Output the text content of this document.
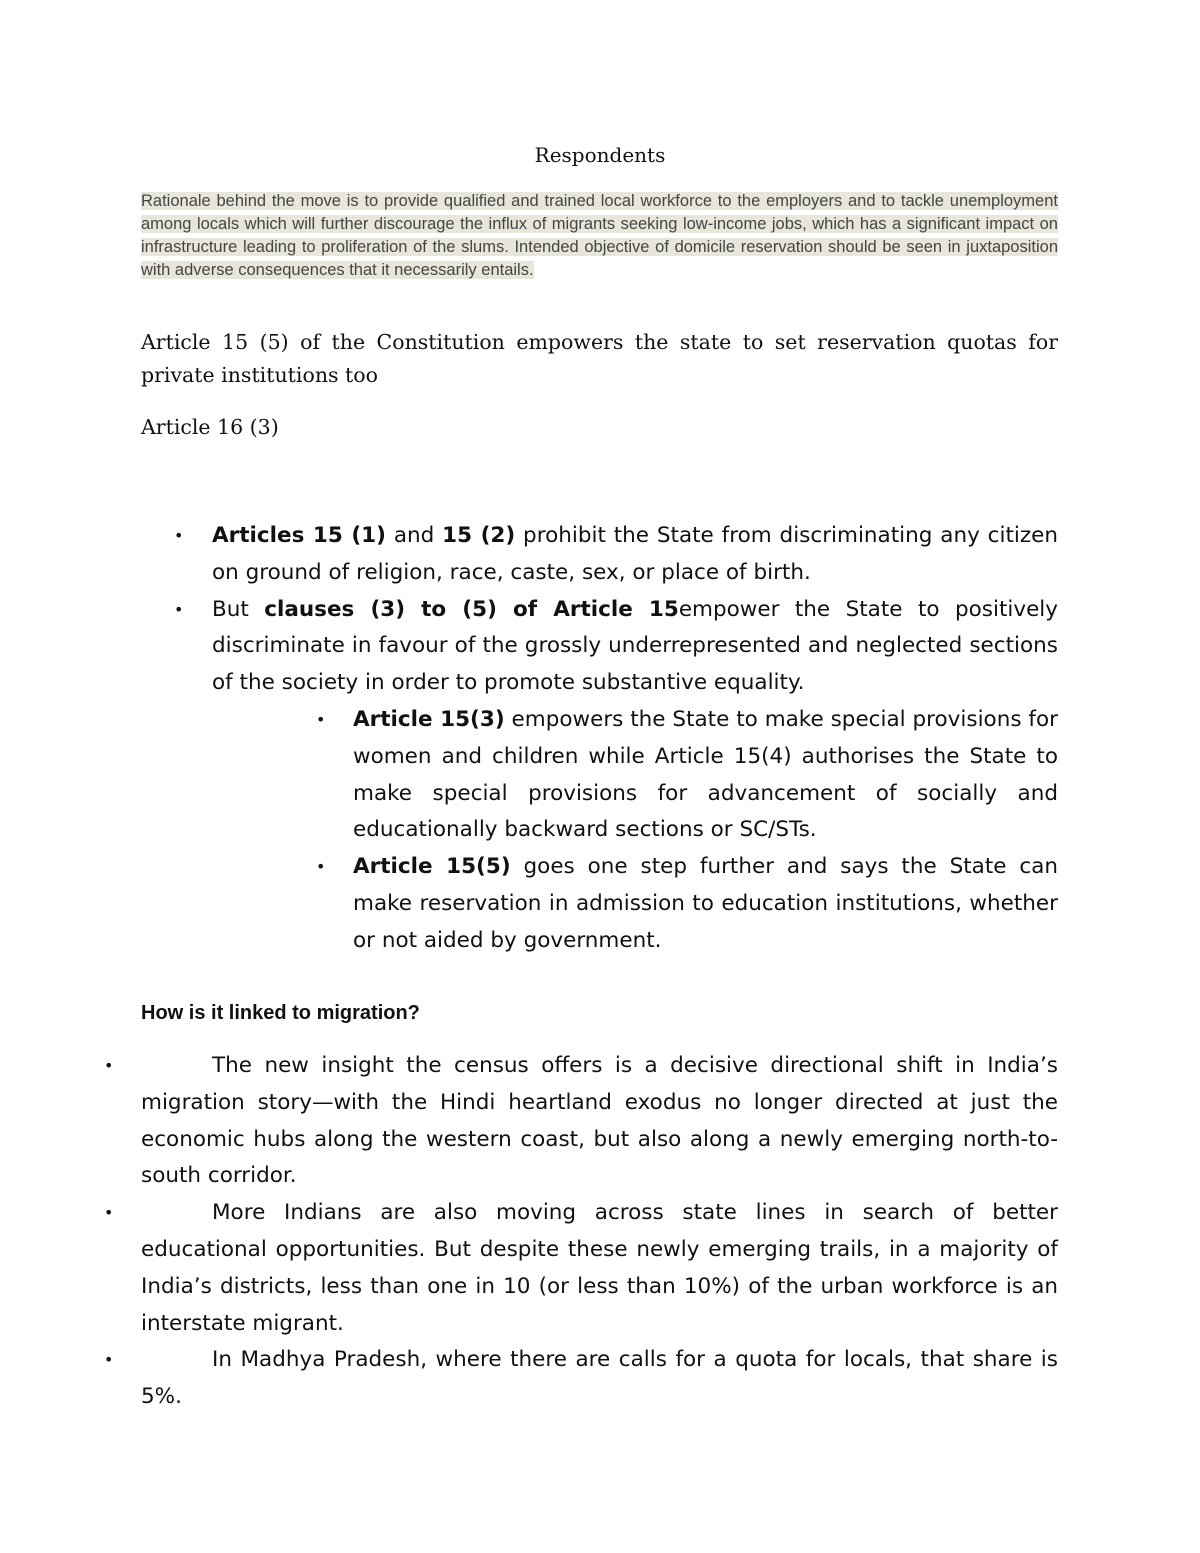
Respondents
Rationale behind the move is to provide qualified and trained local workforce to the employers and to tackle unemployment among locals which will further discourage the influx of migrants seeking low-income jobs, which has a significant impact on infrastructure leading to proliferation of the slums. Intended objective of domicile reservation should be seen in juxtaposition with adverse consequences that it necessarily entails.
Article 15 (5) of the Constitution empowers the state to set reservation quotas for private institutions too
Article 16 (3)
• Articles 15 (1) and 15 (2) prohibit the State from discriminating any citizen on ground of religion, race, caste, sex, or place of birth.
• But clauses (3) to (5) of Article 15empower the State to positively discriminate in favour of the grossly underrepresented and neglected sections of the society in order to promote substantive equality.
• Article 15(3) empowers the State to make special provisions for women and children while Article 15(4) authorises the State to make special provisions for advancement of socially and educationally backward sections or SC/STs.
• Article 15(5) goes one step further and says the State can make reservation in admission to education institutions, whether or not aided by government.
How is it linked to migration?
•	The new insight the census offers is a decisive directional shift in India’s migration story—with the Hindi heartland exodus no longer directed at just the economic hubs along the western coast, but also along a newly emerging north-to-south corridor.
•	More Indians are also moving across state lines in search of better educational opportunities. But despite these newly emerging trails, in a majority of India’s districts, less than one in 10 (or less than 10%) of the urban workforce is an interstate migrant.
•	In Madhya Pradesh, where there are calls for a quota for locals, that share is 5%.
